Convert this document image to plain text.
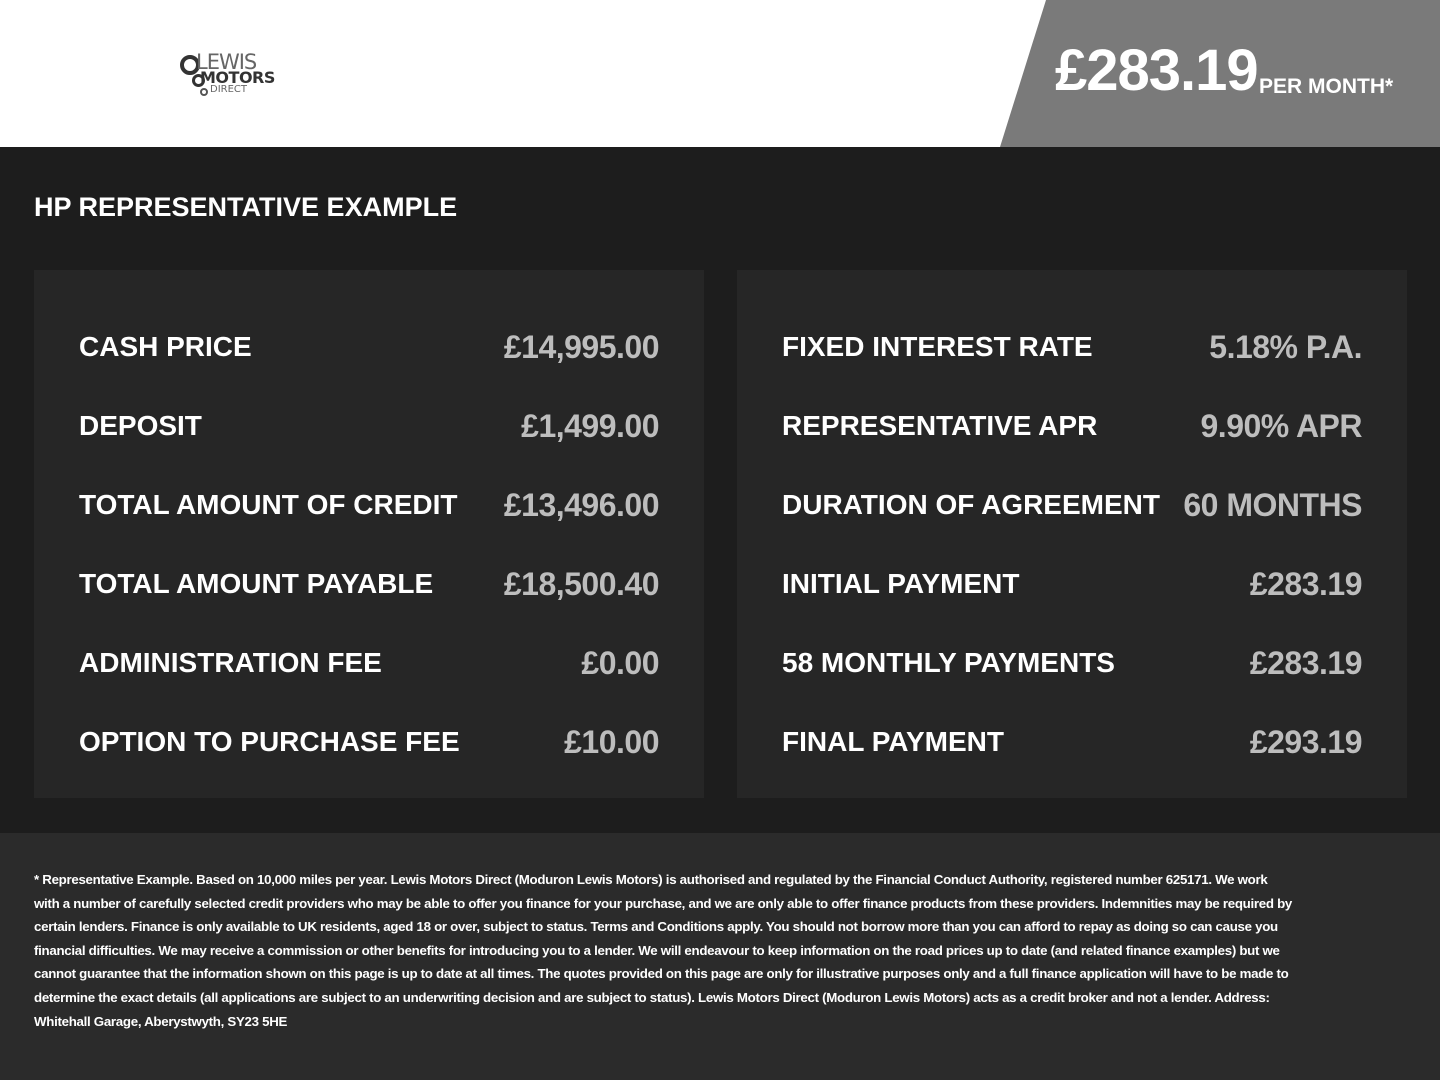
LEWIS
MOTORS
DIRECT	£283.19 PER MONTH*
HP REPRESENTATIVE EXAMPLE
CASH PRICE	£14,995.00
DEPOSIT	£1,499.00
TOTAL AMOUNT OF CREDIT £13,496.00
TOTAL AMOUNT PAYABLE £18,500.40
ADMINISTRATION FEE	£0.00
OPTION TO PURCHASE FEE	£10.00
FIXED INTEREST RATE	5.18% P.A.
REPRESENTATIVE APR	9.90% APR
DURATION OF AGREEMENT 60 MONTHS
INITIAL PAYMENT	£283.19
58 MONTHLY PAYMENTS	£283.19
FINAL PAYMENT	£293.19

* Representative Example. Based on 10,000 miles per year. Lewis Motors Direct (Moduron Lewis Motors) is authorised and regulated by the Financial Conduct Authority, registered number 625171. We work with a number of carefully selected credit providers who may be able to offer you finance for your purchase, and we are only able to offer finance products from these providers. Indemnities may be required by certain lenders. Finance is only available to UK residents, aged 18 or over, subject to status. Terms and Conditions apply. You should not borrow more than you can afford to repay as doing so can cause you financial difficulties. We may receive a commission or other benefits for introducing you to a lender. We will endeavour to keep information on the road prices up to date (and related finance examples) but we cannot guarantee that the information shown on this page is up to date at all times. The quotes provided on this page are only for illustrative purposes only and a full finance application will have to be made to determine the exact details (all applications are subject to an underwriting decision and are subject to status). Lewis Motors Direct (Moduron Lewis Motors) acts as a credit broker and not a lender. Address: Whitehall Garage, Aberystwyth, SY23 5HE
